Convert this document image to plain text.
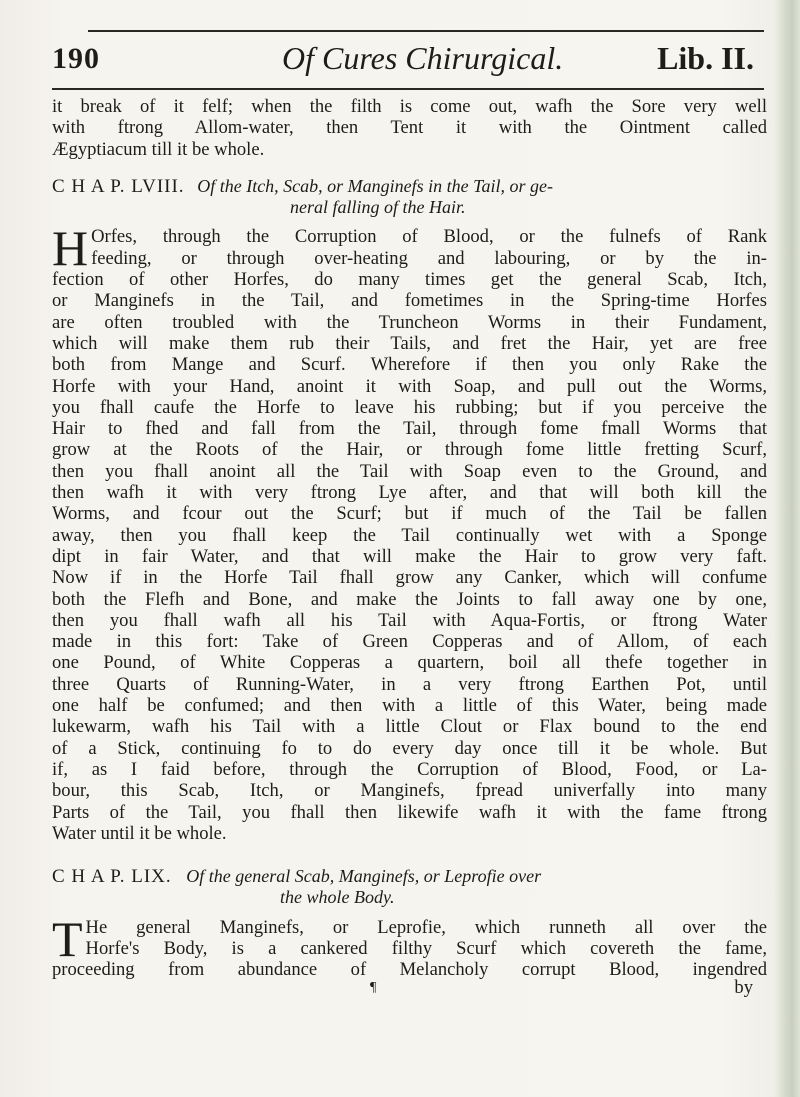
190	Of Cures Chirurgical.	Lib. II.

it break of it felf; when the filth is come out, wafh the Sore very well
with ftrong Allom-water, then Tent it with the Ointment called
Ægyptiacum till it be whole.

C H A P. LVIII. Of the Itch, Scab, or Manginefs in the Tail, or ge-
neral falling of the Hair.

H Orfes, through the Corruption of Blood, or the fulnefs of Rank
feeding, or through over-heating and labouring, or by the in-
fection of other Horfes, do many times get the general Scab, Itch,
or Manginefs in the Tail, and fometimes in the Spring-time Horfes
are often troubled with the Truncheon Worms in their Fundament,
which will make them rub their Tails, and fret the Hair, yet are free
both from Mange and Scurf. Wherefore if then you only Rake the
Horfe with your Hand, anoint it with Soap, and pull out the Worms,
you fhall caufe the Horfe to leave his rubbing; but if you perceive the
Hair to fhed and fall from the Tail, through fome fmall Worms that
grow at the Roots of the Hair, or through fome little fretting Scurf,
then you fhall anoint all the Tail with Soap even to the Ground, and
then wafh it with very ftrong Lye after, and that will both kill the
Worms, and fcour out the Scurf; but if much of the Tail be fallen
away, then you fhall keep the Tail continually wet with a Sponge
dipt in fair Water, and that will make the Hair to grow very faft.
Now if in the Horfe Tail fhall grow any Canker, which will confume
both the Flefh and Bone, and make the Joints to fall away one by one,
then you fhall wafh all his Tail with Aqua-Fortis, or ftrong Water
made in this fort: Take of Green Copperas and of Allom, of each
one Pound, of White Copperas a quartern, boil all thefe together in
three Quarts of Running-Water, in a very ftrong Earthen Pot, until
one half be confumed; and then with a little of this Water, being made
lukewarm, wafh his Tail with a little Clout or Flax bound to the end
of a Stick, continuing fo to do every day once till it be whole. But
if, as I faid before, through the Corruption of Blood, Food, or La-
bour, this Scab, Itch, or Manginefs, fpread univerfally into many
Parts of the Tail, you fhall then likewife wafh it with the fame ftrong
Water until it be whole.

C H A P. LIX. Of the general Scab, Manginefs, or Leprofie over
the whole Body.

T He general Manginefs, or Leprofie, which runneth all over the
Horfe's Body, is a cankered filthy Scurf which covereth the fame,
proceeding from abundance of Melancholy corrupt Blood, ingendred

¶	by
